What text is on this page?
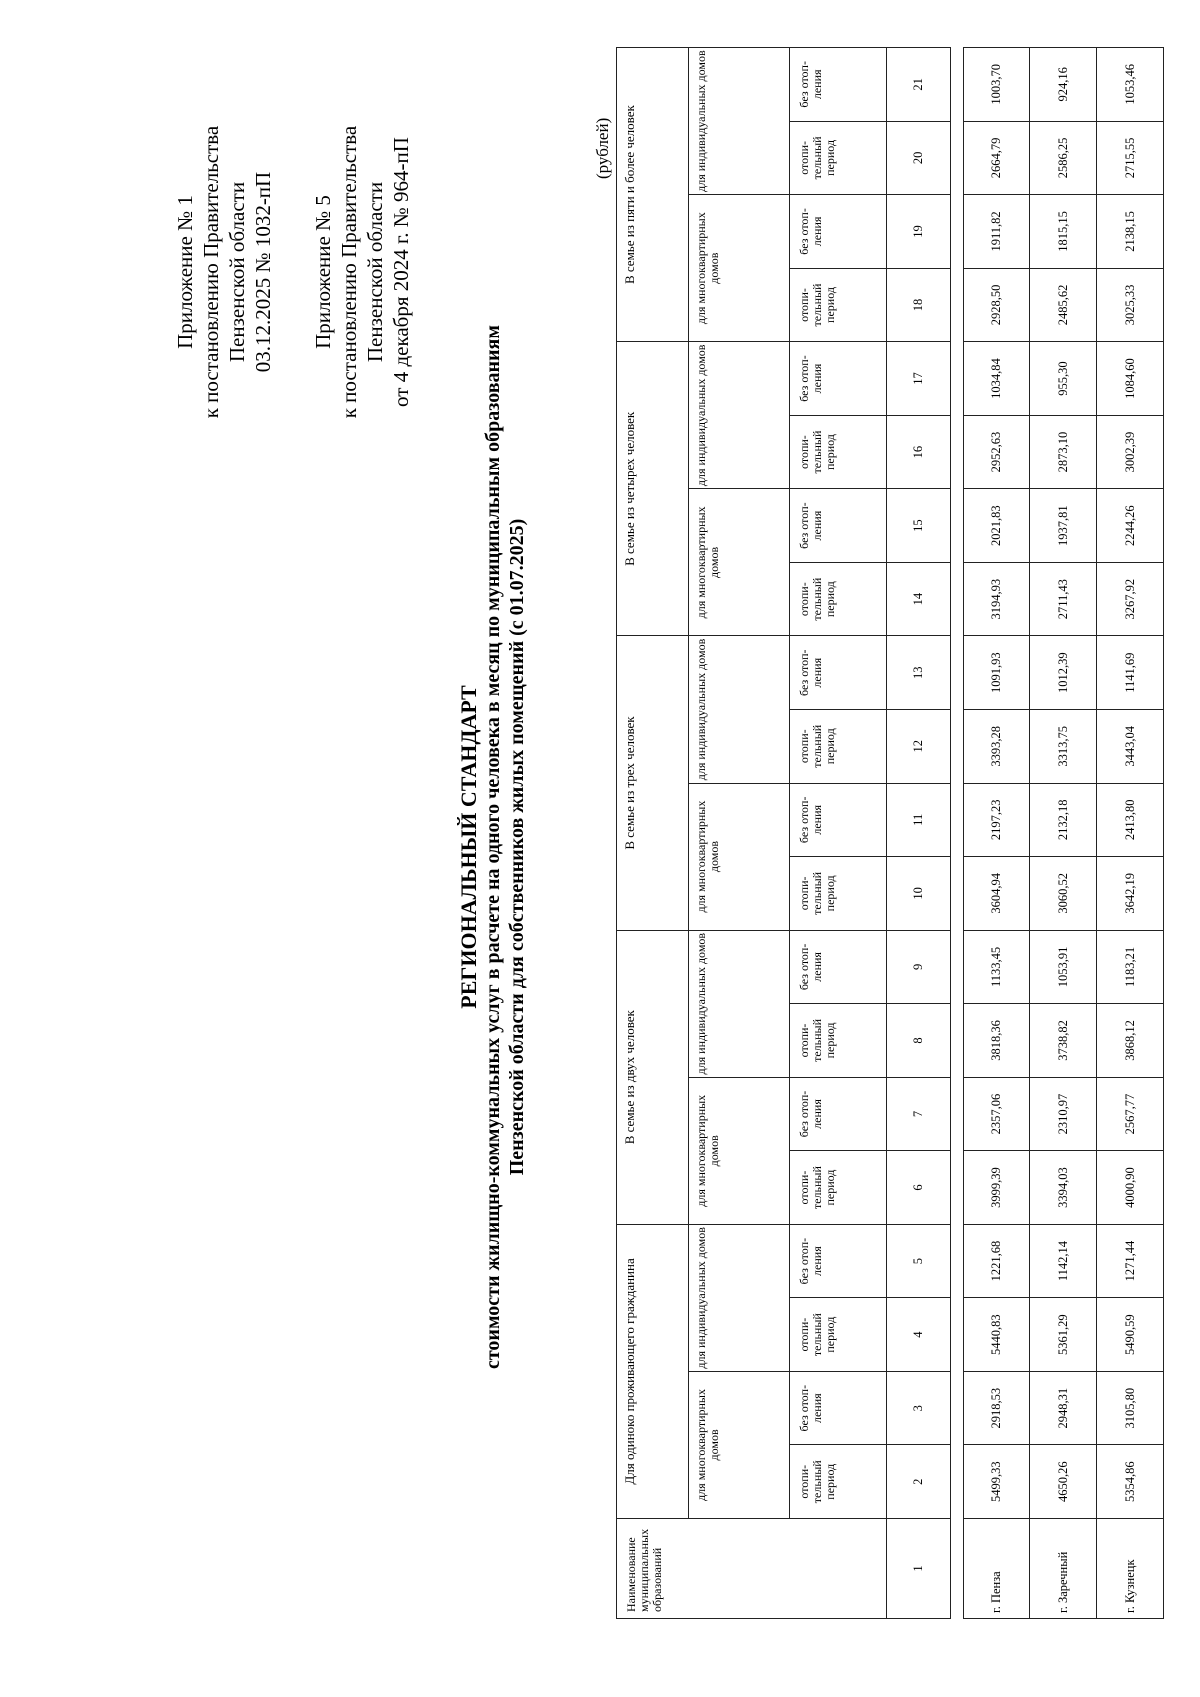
Приложение № 1 к постановлению Правительства Пензенской области 03.12.2025 № 1032-пП Приложение № 5 к постановлению Правительства Пензенской области от 4 декабря 2024 г. № 964-пП
РЕГИОНАЛЬНЫЙ СТАНДАРТ стоимости жилищно-коммунальных услуг в расчете на одного человека в месяц по муниципальным образованиям Пензенской области для собственников жилых помещений (с 01.07.2025)
(рублей)
Наименование муниципальных образований	Для одиноко проживающего гражданина				В семье из двух человек				В семье из трех человек				В семье из четырех человек				В семье из пяти и более человек			
	для многоквартирных домов		для индивидуальных домов		для многоквартирных домов		для индивидуальных домов		для многоквартирных домов		для индивидуальных домов		для многоквартирных домов		для индивидуальных домов		для многоквартирных домов		для индивидуальных домов	
	отопи-тельный период	без отоп-ления	отопи-тельный период	без отоп-ления	отопи-тельный период	без отоп-ления	отопи-тельный период	без отоп-ления	отопи-тельный период	без отоп-ления	отопи-тельный период	без отоп-ления	отопи-тельный период	без отоп-ления	отопи-тельный период	без отоп-ления	отопи-тельный период	без отоп-ления	отопи-тельный период	без отоп-ления
1	2	3	4	5	6	7	8	9	10	11	12	13	14	15	16	17	18	19	20	21

г. Пенза	5499,33	2918,53	5440,83	1221,68	3999,39	2357,06	3818,36	1133,45	3604,94	2197,23	3393,28	1091,93	3194,93	2021,83	2952,63	1034,84	2928,50	1911,82	2664,79	1003,70
г. Заречный	4650,26	2948,31	5361,29	1142,14	3394,03	2310,97	3738,82	1053,91	3060,52	2132,18	3313,75	1012,39	2711,43	1937,81	2873,10	955,30	2485,62	1815,15	2586,25	924,16
г. Кузнецк	5354,86	3105,80	5490,59	1271,44	4000,90	2567,77	3868,12	1183,21	3642,19	2413,80	3443,04	1141,69	3267,92	2244,26	3002,39	1084,60	3025,33	2138,15	2715,55	1053,46
